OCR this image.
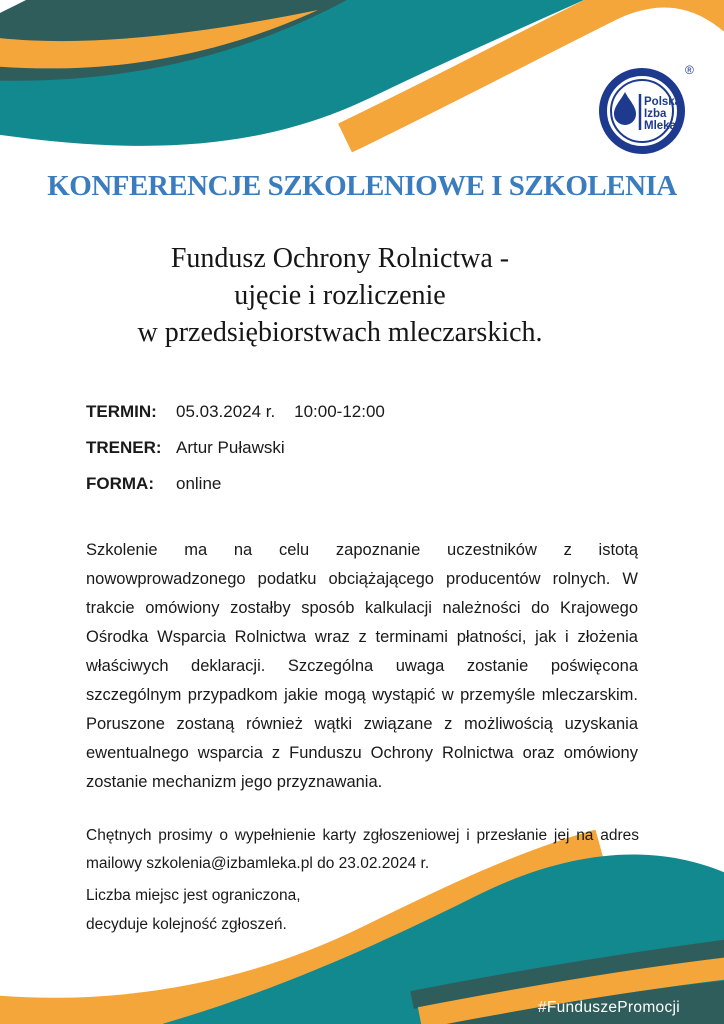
Polska
Izba
Mleka
®
KONFERENCJE SZKOLENIOWE I SZKOLENIA
Fundusz Ochrony Rolnictwa -
ujęcie i rozliczenie
w przedsiębiorstwach mleczarskich.
TERMIN:	05.03.2024 r.    10:00-12:00
TRENER: Artur Puławski
FORMA:	online
Szkolenie ma na celu zapoznanie uczestników z istotą nowowprowadzonego podatku obciążającego producentów rolnych. W trakcie omówiony zostałby sposób kalkulacji należności do Krajowego Ośrodka Wsparcia Rolnictwa wraz z terminami płatności, jak i złożenia właściwych deklaracji. Szczególna uwaga zostanie poświęcona szczególnym przypadkom jakie mogą wystąpić w przemyśle mleczarskim. Poruszone zostaną również wątki związane z możliwością uzyskania ewentualnego wsparcia z Funduszu Ochrony Rolnictwa oraz omówiony zostanie mechanizm jego przyznawania.
Chętnych prosimy o wypełnienie karty zgłoszeniowej i przesłanie jej na adres mailowy szkolenia@izbamleka.pl do 23.02.2024 r.
Liczba miejsc jest ograniczona,
decyduje kolejność zgłoszeń.
#FunduszePromocji
